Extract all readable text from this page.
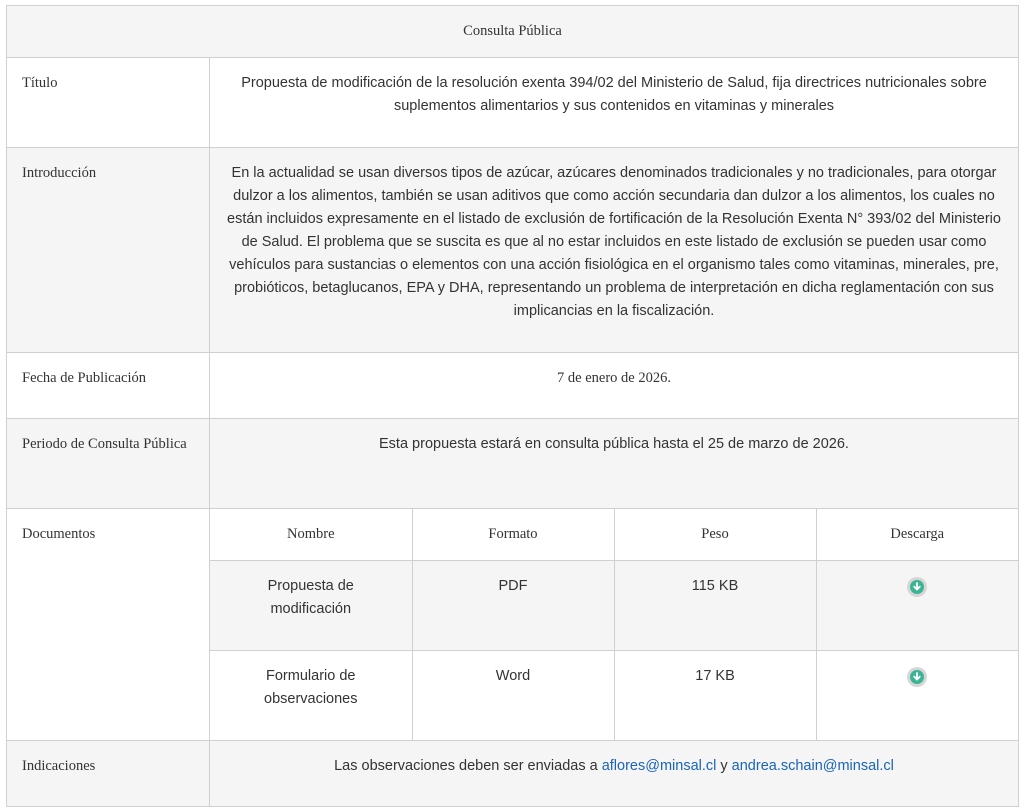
Consulta Pública
Título	Propuesta de modificación de la resolución exenta 394/02 del Ministerio de Salud, fija directrices nutricionales sobre suplementos alimentarios y sus contenidos en vitaminas y minerales
Introducción	En la actualidad se usan diversos tipos de azúcar, azúcares denominados tradicionales y no tradicionales, para otorgar dulzor a los alimentos, también se usan aditivos que como acción secundaria dan dulzor a los alimentos, los cuales no están incluidos expresamente en el listado de exclusión de fortificación de la Resolución Exenta N° 393/02 del Ministerio de Salud. El problema que se suscita es que al no estar incluidos en este listado de exclusión se pueden usar como vehículos para sustancias o elementos con una acción fisiológica en el organismo tales como vitaminas, minerales, pre, probióticos, betaglucanos, EPA y DHA, representando un problema de interpretación en dicha reglamentación con sus implicancias en la fiscalización.
Fecha de Publicación	7 de enero de 2026.
Periodo de Consulta Pública	Esta propuesta estará en consulta pública hasta el 25 de marzo de 2026.
Documentos		Nombre	Formato	Peso	Descarga
Propuesta de modificación	PDF	115 KB	

Formulario de observaciones	Word	17 KB	

Indicaciones	Las observaciones deben ser enviadas a aflores@minsal.cl y andrea.schain@minsal.cl
